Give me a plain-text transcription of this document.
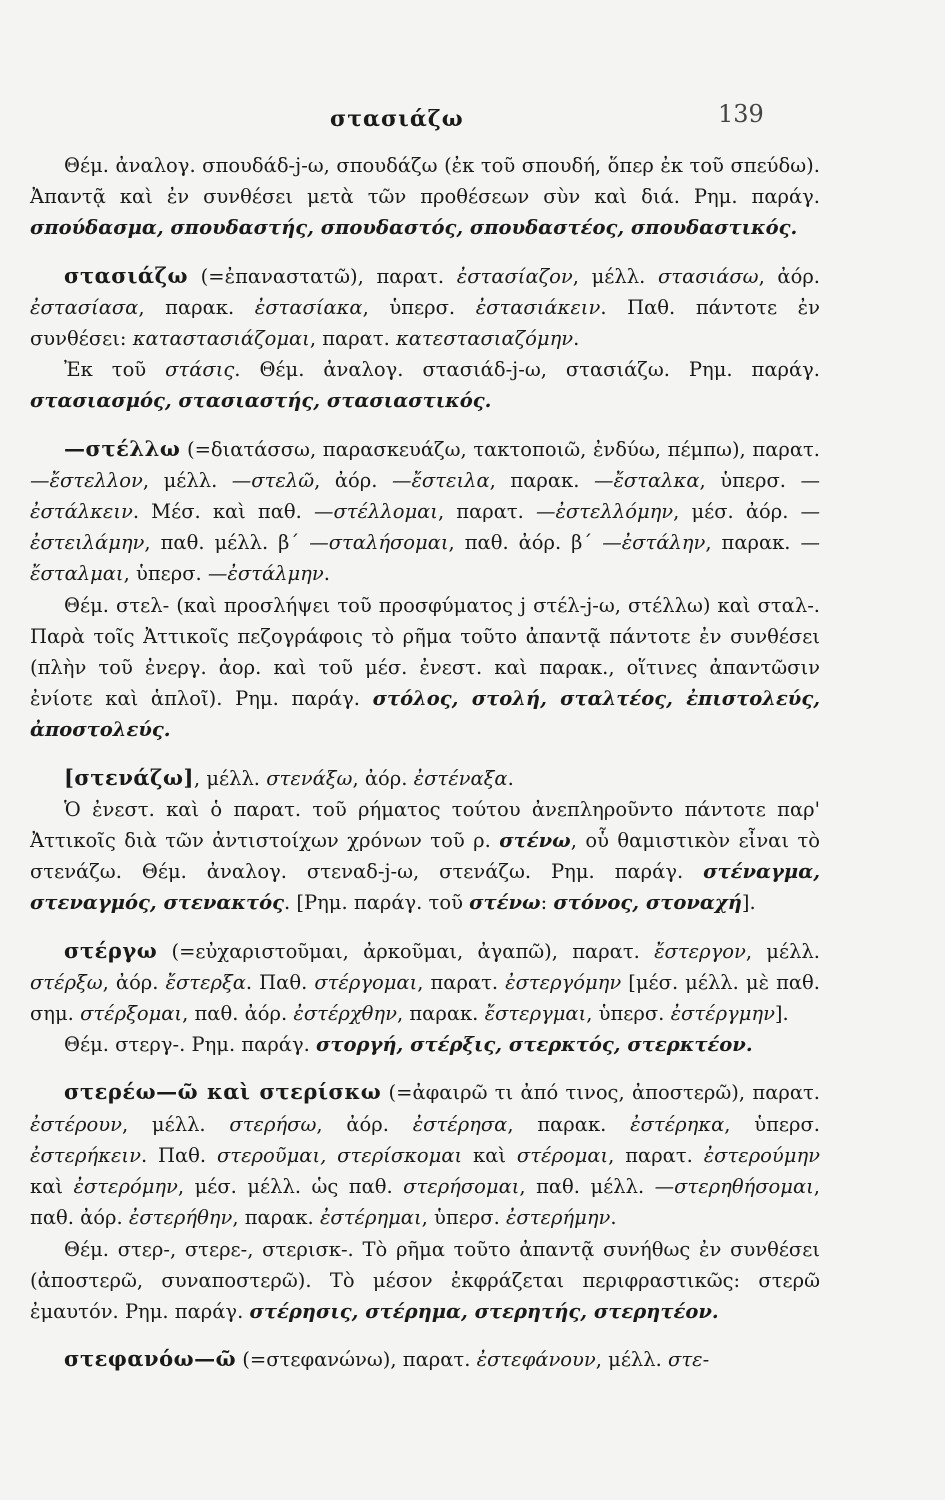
στασιάζω	139

Θέμ. ἀναλογ. σπουδάδ-j-ω, σπουδάζω (ἐκ τοῦ σπουδή, ὅπερ ἐκ τοῦ σπεύδω). Ἀπαντᾷ καὶ ἐν συνθέσει μετὰ τῶν προθέσεων σὺν καὶ διά. Ρημ. παράγ. σπούδασμα, σπουδαστής, σπουδαστός, σπουδαστέος, σπουδαστικός.

στασιάζω (=ἐπαναστατῶ), παρατ. ἐστασίαζον, μέλλ. στασιάσω, ἀόρ. ἐστασίασα, παρακ. ἐστασίακα, ὑπερσ. ἐστασιάκειν. Παθ. πάντοτε ἐν συνθέσει: καταστασιάζομαι, παρατ. κατεστασιαζόμην.

Ἐκ τοῦ στάσις. Θέμ. ἀναλογ. στασιάδ-j-ω, στασιάζω. Ρημ. παράγ. στασιασμός, στασιαστής, στασιαστικός.

—στέλλω (=διατάσσω, παρασκευάζω, τακτοποιῶ, ἐνδύω, πέμπω), παρατ. —ἔστελλον, μέλλ. —στελῶ, ἀόρ. —ἔστειλα, παρακ. —ἔσταλκα, ὑπερσ. —ἐστάλκειν. Μέσ. καὶ παθ. —στέλλομαι, παρατ. —ἐστελλόμην, μέσ. ἀόρ. —ἐστειλάμην, παθ. μέλλ. β΄ —σταλήσομαι, παθ. ἀόρ. β΄ —ἐστάλην, παρακ. —ἔσταλμαι, ὑπερσ. —ἐστάλμην.

Θέμ. στελ- (καὶ προσλήψει τοῦ προσφύματος j στέλ-j-ω, στέλλω) καὶ σταλ-. Παρὰ τοῖς Ἀττικοῖς πεζογράφοις τὸ ρῆμα τοῦτο ἀπαντᾷ πάντοτε ἐν συνθέσει (πλὴν τοῦ ἐνεργ. ἀορ. καὶ τοῦ μέσ. ἐνεστ. καὶ παρακ., οἵτινες ἀπαντῶσιν ἐνίοτε καὶ ἁπλοῖ). Ρημ. παράγ. στόλος, στολή, σταλτέος, ἐπιστολεύς, ἀποστολεύς.

[στενάζω], μέλλ. στενάξω, ἀόρ. ἐστέναξα.

Ὁ ἐνεστ. καὶ ὁ παρατ. τοῦ ρήματος τούτου ἀνεπληροῦντο πάντοτε παρ' Ἀττικοῖς διὰ τῶν ἀντιστοίχων χρόνων τοῦ ρ. στένω, οὗ θαμιστικὸν εἶναι τὸ στενάζω. Θέμ. ἀναλογ. στεναδ-j-ω, στενάζω. Ρημ. παράγ. στέναγμα, στεναγμός, στενακτός. [Ρημ. παράγ. τοῦ στένω: στόνος, στοναχή].

στέργω (=εὐχαριστοῦμαι, ἀρκοῦμαι, ἀγαπῶ), παρατ. ἔστεργον, μέλλ. στέρξω, ἀόρ. ἔστερξα. Παθ. στέργομαι, παρατ. ἐστεργόμην [μέσ. μέλλ. μὲ παθ. σημ. στέρξομαι, παθ. ἀόρ. ἐστέρχθην, παρακ. ἔστεργμαι, ὑπερσ. ἐστέργμην].

Θέμ. στεργ-. Ρημ. παράγ. στοργή, στέρξις, στερκτός, στερκτέον.

στερέω—ῶ καὶ στερίσκω (=ἀφαιρῶ τι ἀπό τινος, ἀποστερῶ), παρατ. ἐστέρουν, μέλλ. στερήσω, ἀόρ. ἐστέρησα, παρακ. ἐστέρηκα, ὑπερσ. ἐστερήκειν. Παθ. στεροῦμαι, στερίσκομαι καὶ στέρομαι, παρατ. ἐστερούμην καὶ ἐστερόμην, μέσ. μέλλ. ὡς παθ. στερήσομαι, παθ. μέλλ. —στερηθήσομαι, παθ. ἀόρ. ἐστερήθην, παρακ. ἐστέρημαι, ὑπερσ. ἐστερήμην.

Θέμ. στερ-, στερε-, στερισκ-. Τὸ ρῆμα τοῦτο ἀπαντᾷ συνήθως ἐν συνθέσει (ἀποστερῶ, συναποστερῶ). Τὸ μέσον ἐκφράζεται περιφραστικῶς: στερῶ ἐμαυτόν. Ρημ. παράγ. στέρησις, στέρημα, στερητής, στερητέον.

στεφανόω—ῶ (=στεφανώνω), παρατ. ἐστεφάνουν, μέλλ. στε-
